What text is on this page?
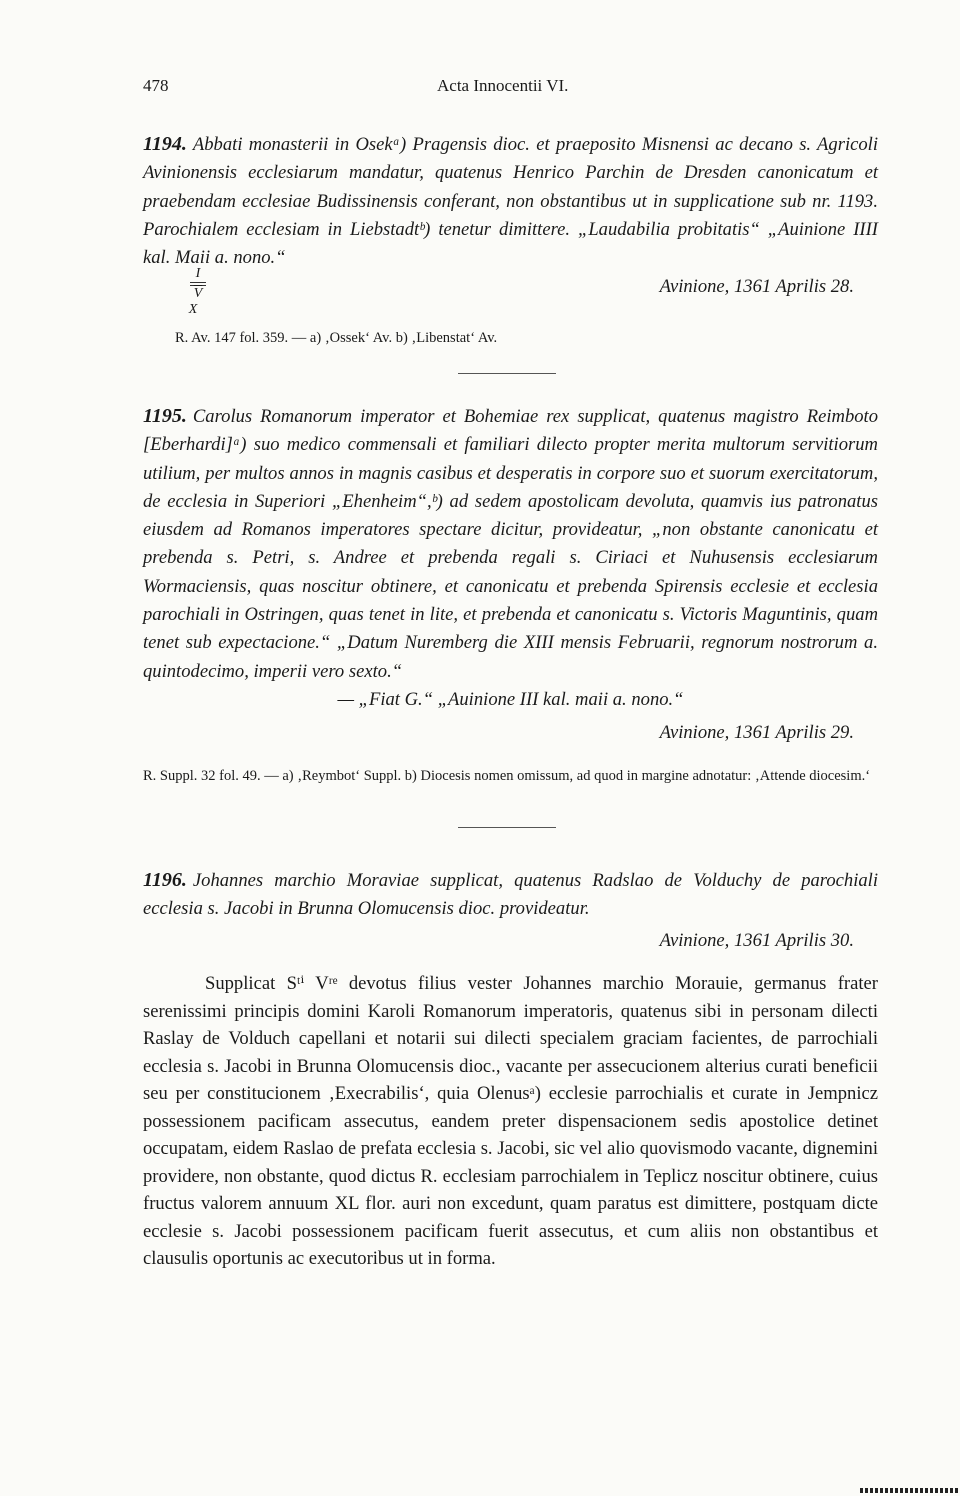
478	Acta Innocentii VI.
1194. Abbati monasterii in Osekᵃ) Pragensis dioc. et praeposito Misnensi ac decano s. Agricoli Avinionensis ecclesiarum mandatur, quatenus Henrico Parchin de Dresden canonicatum et praebendam ecclesiae Budissinensis conferant, non obstantibus ut in supplicatione sub nr. 1193. Parochialem ecclesiam in Liebstadtᵇ) tenetur dimittere. „Laudabilia probitatis“ „Auinione IIII kal. Maii a. nono.“
I
$\overline{V}$
X
Avinione, 1361 Aprilis 28.
R. Av. 147 fol. 359. — a) ‚Ossek‘ Av. b) ‚Libenstat‘ Av.
1195. Carolus Romanorum imperator et Bohemiae rex supplicat, quatenus magistro Reimboto [Eberhardi]ᵃ) suo medico commensali et familiari dilecto propter merita multorum servitiorum utilium, per multos annos in magnis casibus et desperatis in corpore suo et suorum exercitatorum, de ecclesia in Superiori „Ehenheim“,ᵇ) ad sedem apostolicam devoluta, quamvis ius patronatus eiusdem ad Romanos imperatores spectare dicitur, provideatur, „non obstante canonicatu et prebenda s. Petri, s. Andree et prebenda regali s. Ciriaci et Nuhusensis ecclesiarum Wormaciensis, quas noscitur obtinere, et canonicatu et prebenda Spirensis ecclesie et ecclesia parochiali in Ostringen, quas tenet in lite, et prebenda et canonicatu s. Victoris Maguntinis, quam tenet sub expectacione.“ „Datum Nuremberg die XIII mensis Februarii, regnorum nostrorum a. quintodecimo, imperii vero sexto.“
— „Fiat G.“ „Auinione III kal. maii a. nono.“
Avinione, 1361 Aprilis 29.
R. Suppl. 32 fol. 49. — a) ‚Reymbot‘ Suppl. b) Diocesis nomen omissum, ad quod in margine adnotatur: ‚Attende diocesim.‘
1196. Johannes marchio Moraviae supplicat, quatenus Radslao de Volduchy de parochiali ecclesia s. Jacobi in Brunna Olomucensis dioc. provideatur.
Avinione, 1361 Aprilis 30.

Supplicat Sᵗⁱ Vʳᵉ devotus filius vester Johannes marchio Morauie, germanus frater serenissimi principis domini Karoli Romanorum imperatoris, quatenus sibi in personam dilecti Raslay de Volduch capellani et notarii sui dilecti specialem graciam facientes, de parrochiali ecclesia s. Jacobi in Brunna Olomucensis dioc., vacante per assecucionem alterius curati beneficii seu per constitucionem ‚Execrabilis‘, quia Olenusᵃ) ecclesie parrochialis et curate in Jempnicz possessionem pacificam assecutus, eandem preter dispensacionem sedis apostolice detinet occupatam, eidem Raslao de prefata ecclesia s. Jacobi, sic vel alio quovismodo vacante, dignemini providere, non obstante, quod dictus R. ecclesiam parrochialem in Teplicz noscitur obtinere, cuius fructus valorem annuum XL flor. auri non excedunt, quam paratus est dimittere, postquam dicte ecclesie s. Jacobi possessionem pacificam fuerit assecutus, et cum aliis non obstantibus et clausulis oportunis ac executoribus ut in forma.
